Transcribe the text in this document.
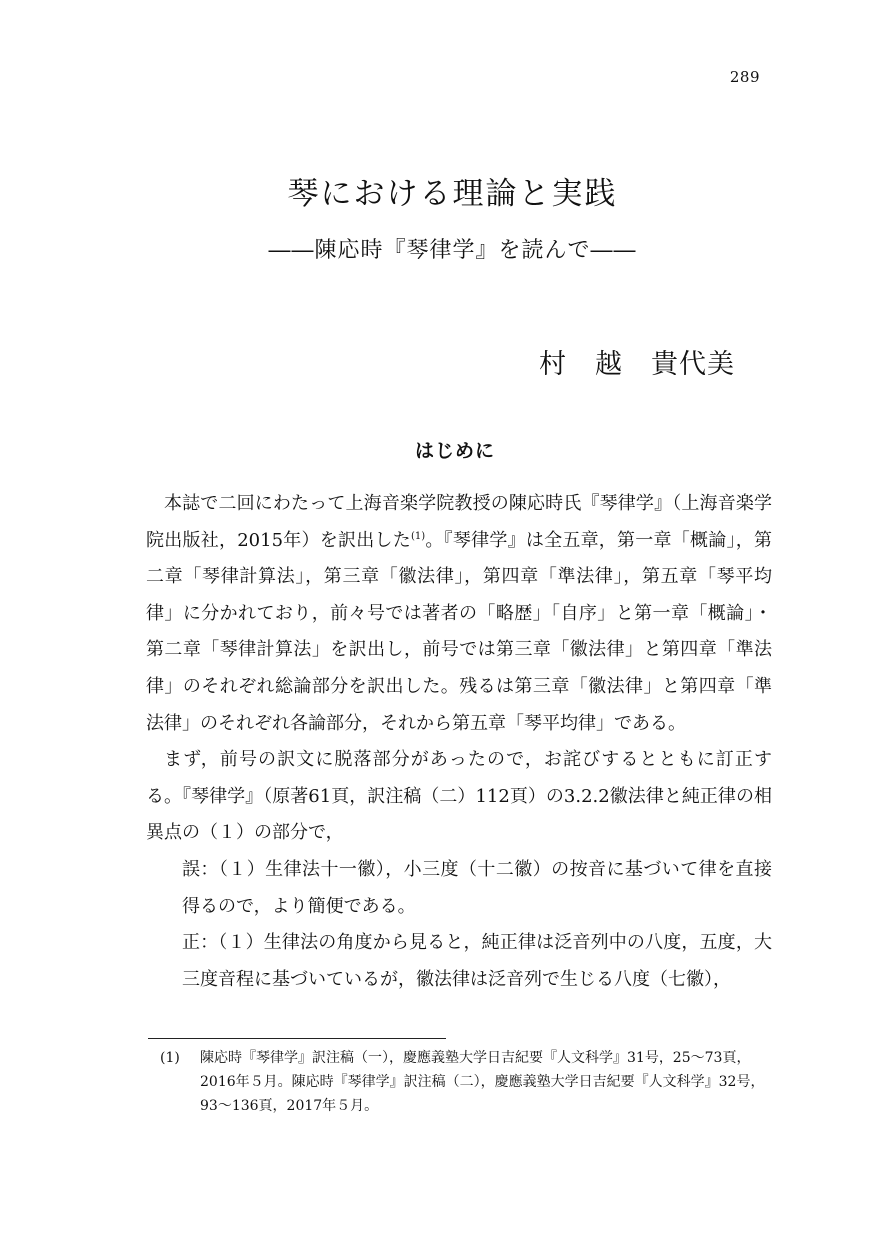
289
琴における理論と実践
――陳応時『琴律学』を読んで――
村　越　貴代美
はじめに

本誌で二回にわたって上海音楽学院教授の陳応時氏『琴律学』（上海音楽学院出版社，2015年）を訳出した$^{(1)}$。『琴律学』は全五章，第一章「概論」，第二章「琴律計算法」，第三章「徽法律」，第四章「準法律」，第五章「琴平均律」に分かれており，前々号では著者の「略歴」「自序」と第一章「概論」・第二章「琴律計算法」を訳出し，前号では第三章「徽法律」と第四章「準法律」のそれぞれ総論部分を訳出した。残るは第三章「徽法律」と第四章「準法律」のそれぞれ各論部分，それから第五章「琴平均律」である。

まず，前号の訳文に脱落部分があったので，お詫びするとともに訂正する。『琴律学』（原著61頁，訳注稿（二）112頁）の3.2.2徽法律と純正律の相異点の（１）の部分で，

誤：（１）生律法十一徽），小三度（十二徽）の按音に基づいて律を直接得るので，より簡便である。

正：（１）生律法の角度から見ると，純正律は泛音列中の八度，五度，大三度音程に基づいているが，徽法律は泛音列で生じる八度（七徽），

(1)	陳応時『琴律学』訳注稿（一），慶應義塾大学日吉紀要『人文科学』31号，25～73頁，2016年５月。陳応時『琴律学』訳注稿（二），慶應義塾大学日吉紀要『人文科学』32号，93～136頁，2017年５月。
